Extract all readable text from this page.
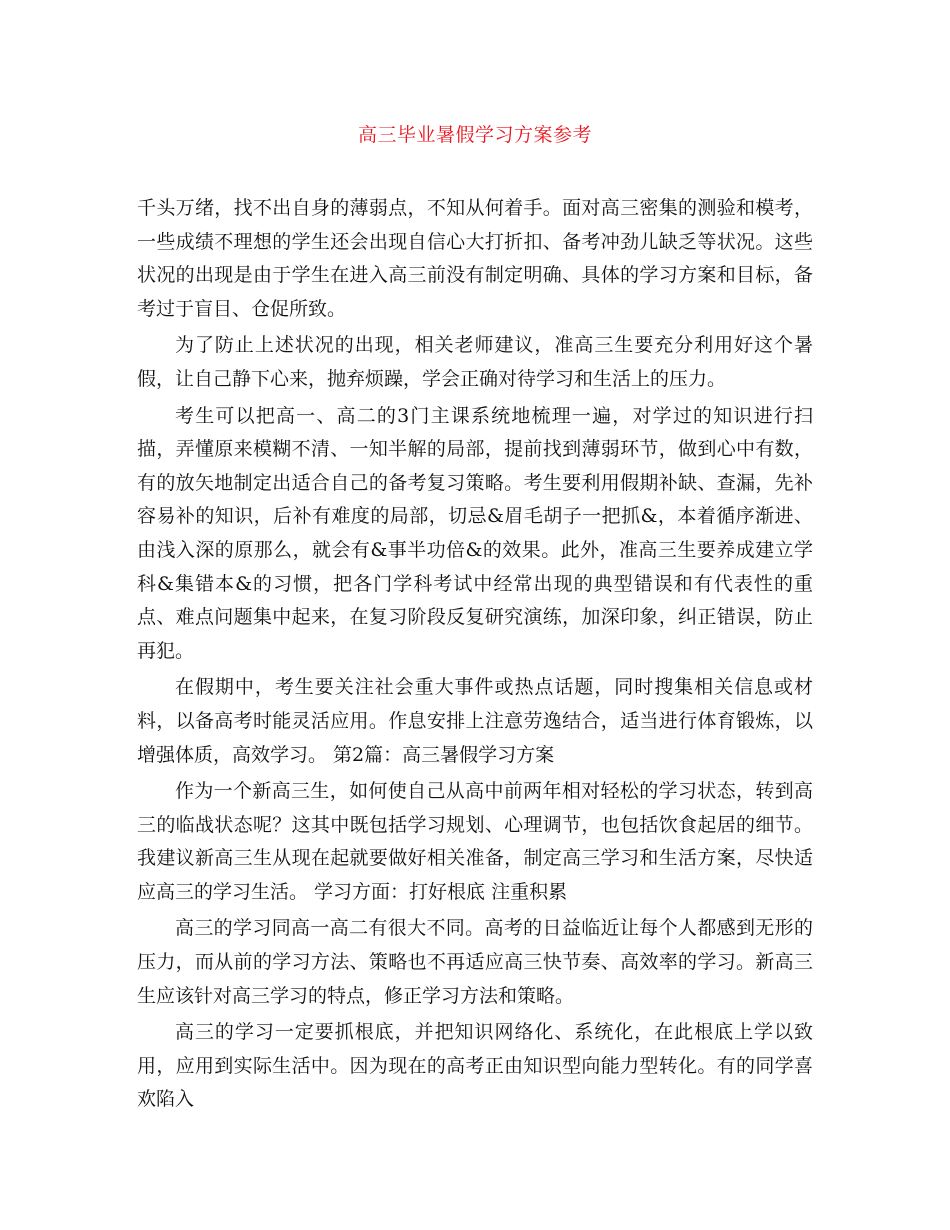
高三毕业暑假学习方案参考

千头万绪，找不出自身的薄弱点，不知从何着手。面对高三密集的测验和模考，一些成绩不理想的学生还会出现自信心大打折扣、备考冲劲儿缺乏等状况。这些状况的出现是由于学生在进入高三前没有制定明确、具体的学习方案和目标，备考过于盲目、仓促所致。

为了防止上述状况的出现，相关老师建议，准高三生要充分利用好这个暑假，让自己静下心来，抛弃烦躁，学会正确对待学习和生活上的压力。

考生可以把高一、高二的3门主课系统地梳理一遍，对学过的知识进行扫描，弄懂原来模糊不清、一知半解的局部，提前找到薄弱环节，做到心中有数，有的放矢地制定出适合自己的备考复习策略。考生要利用假期补缺、查漏，先补容易补的知识，后补有难度的局部，切忌&眉毛胡子一把抓&，本着循序渐进、由浅入深的原那么，就会有&事半功倍&的效果。此外，准高三生要养成建立学科&集错本&的习惯，把各门学科考试中经常出现的典型错误和有代表性的重点、难点问题集中起来，在复习阶段反复研究演练，加深印象，纠正错误，防止再犯。

在假期中，考生要关注社会重大事件或热点话题，同时搜集相关信息或材料，以备高考时能灵活应用。作息安排上注意劳逸结合，适当进行体育锻炼，以增强体质，高效学习。 第2篇：高三暑假学习方案

作为一个新高三生，如何使自己从高中前两年相对轻松的学习状态，转到高三的临战状态呢？这其中既包括学习规划、心理调节，也包括饮食起居的细节。我建议新高三生从现在起就要做好相关准备，制定高三学习和生活方案，尽快适应高三的学习生活。 学习方面：打好根底 注重积累

高三的学习同高一高二有很大不同。高考的日益临近让每个人都感到无形的压力，而从前的学习方法、策略也不再适应高三快节奏、高效率的学习。新高三生应该针对高三学习的特点，修正学习方法和策略。

高三的学习一定要抓根底，并把知识网络化、系统化，在此根底上学以致用，应用到实际生活中。因为现在的高考正由知识型向能力型转化。有的同学喜欢陷入
